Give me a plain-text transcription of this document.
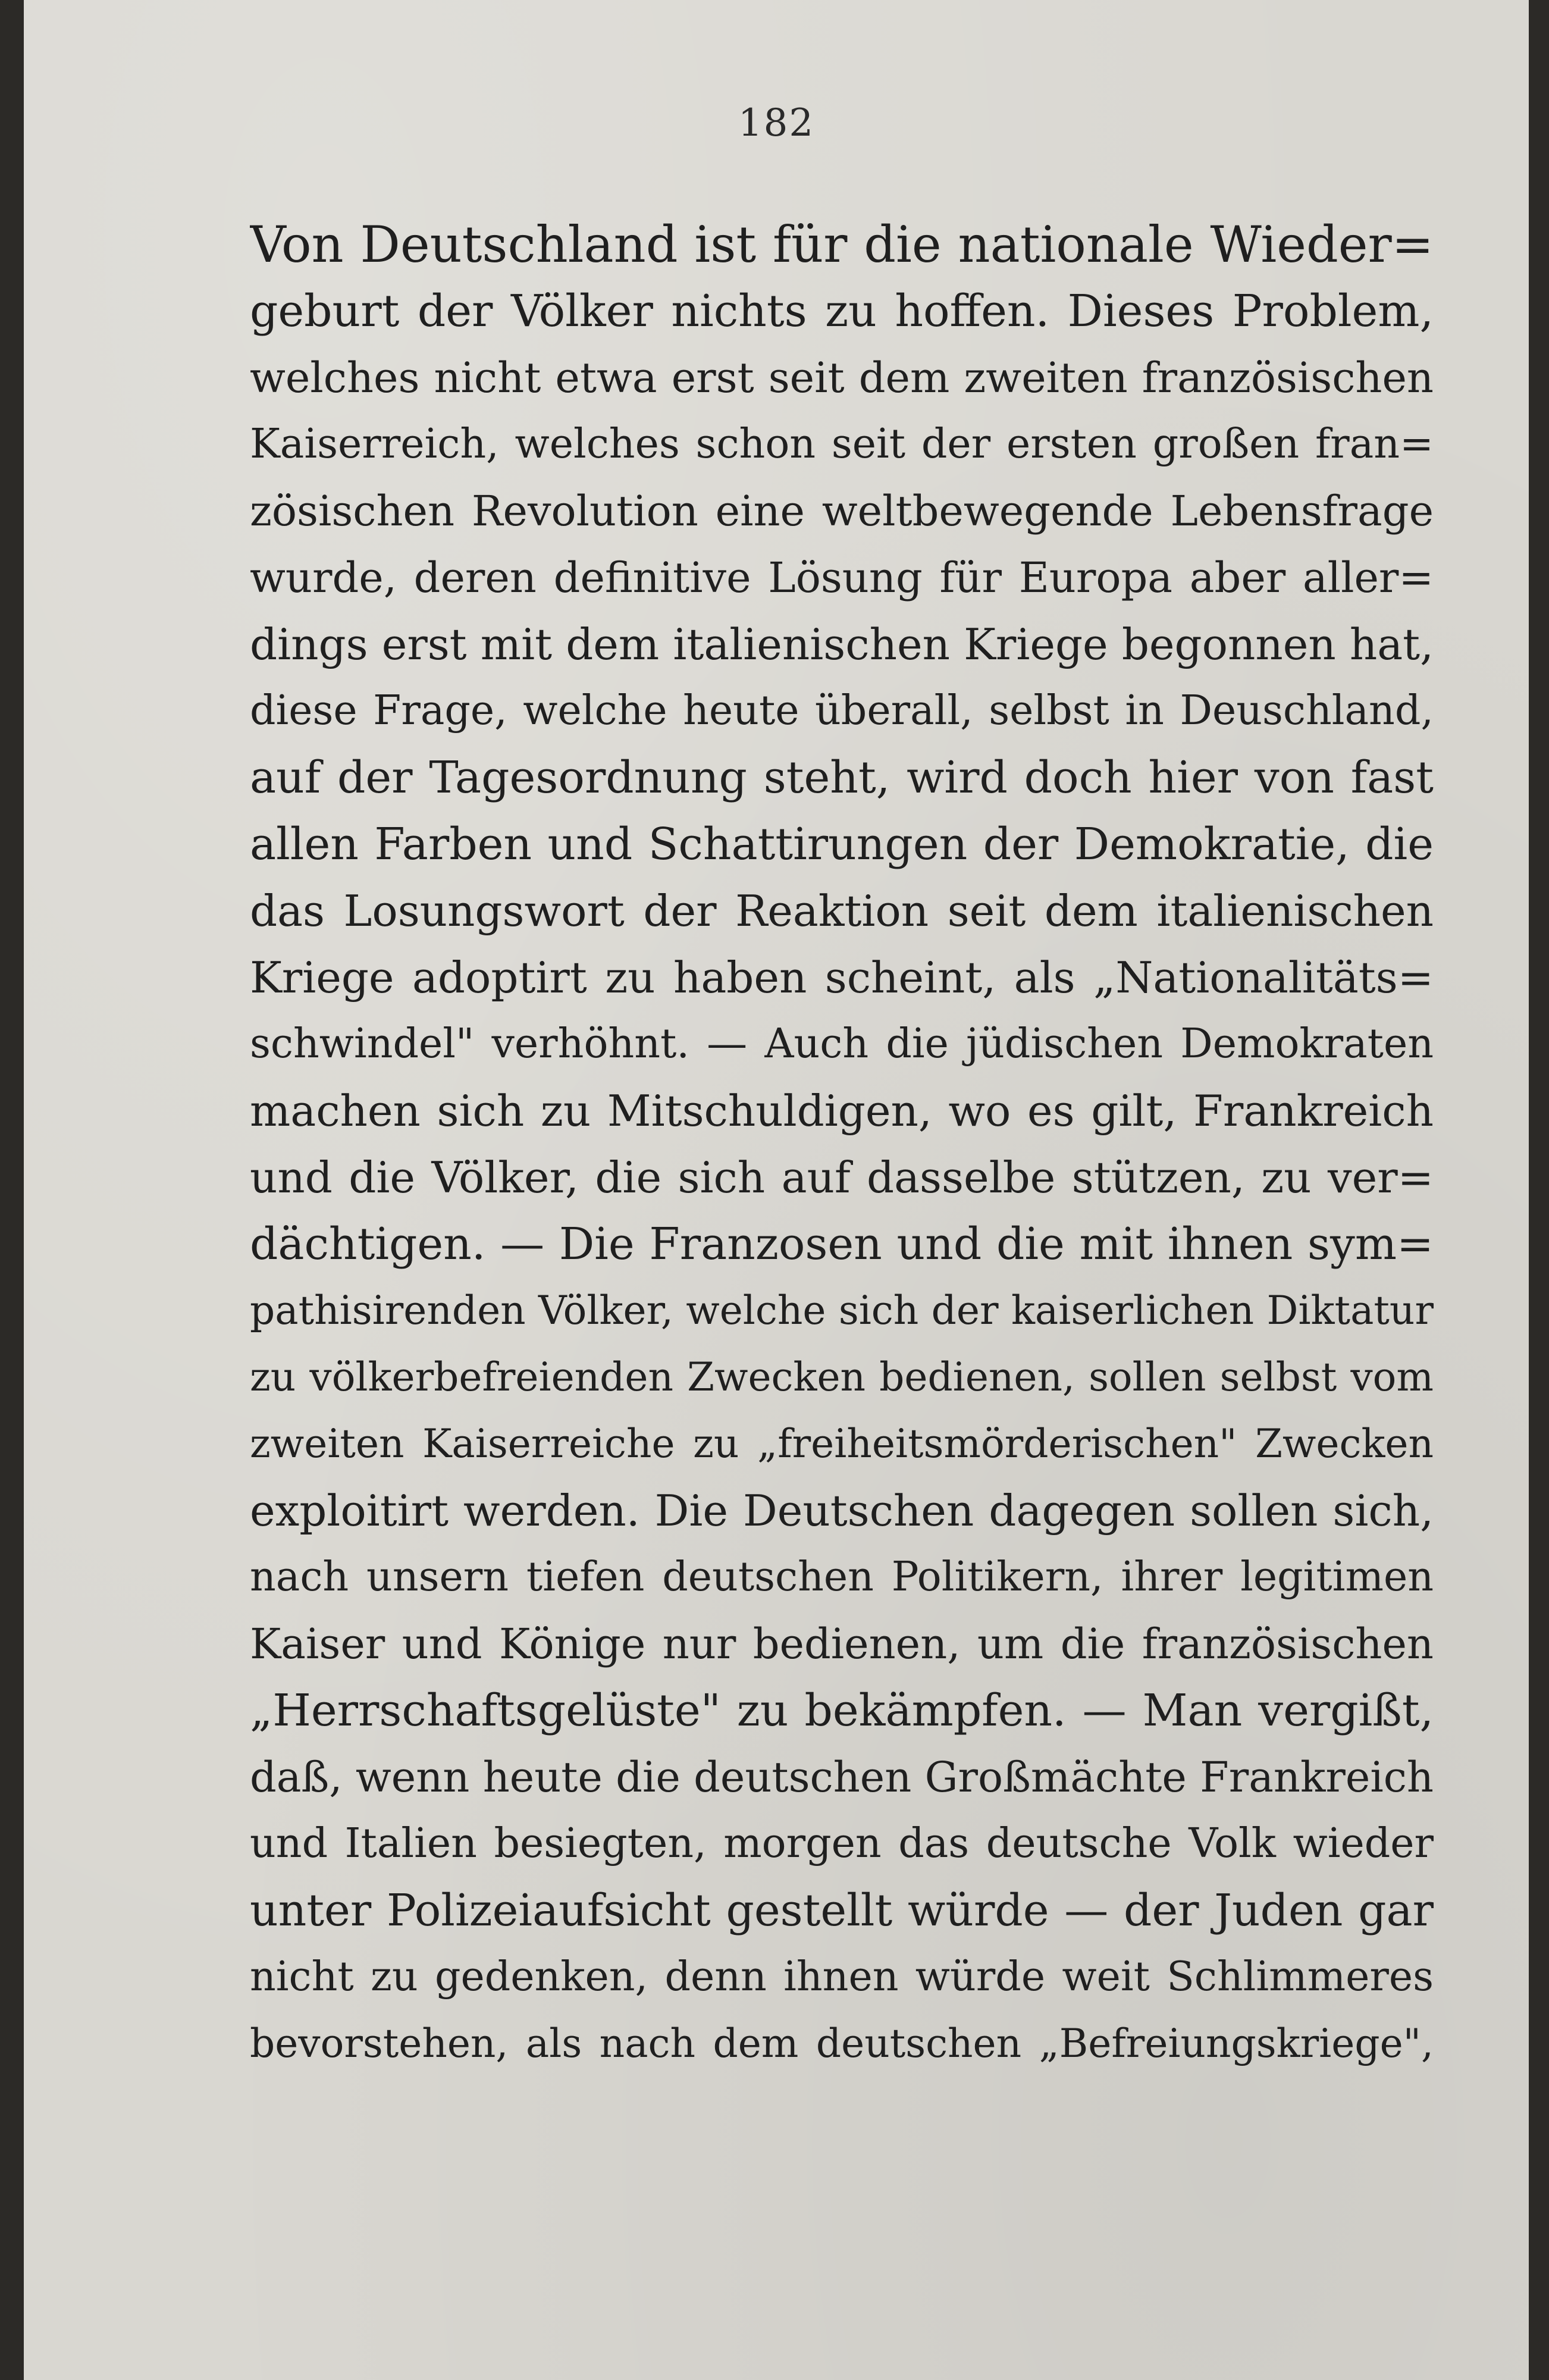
182
Von Deutschland ist für die nationale Wieder=
geburt der Völker nichts zu hoffen. Dieses Problem,
welches nicht etwa erst seit dem zweiten französischen
Kaiserreich, welches schon seit der ersten großen fran=
zösischen Revolution eine weltbewegende Lebensfrage
wurde, deren definitive Lösung für Europa aber aller=
dings erst mit dem italienischen Kriege begonnen hat,
diese Frage, welche heute überall, selbst in Deuschland,
auf der Tagesordnung steht, wird doch hier von fast
allen Farben und Schattirungen der Demokratie, die
das Losungswort der Reaktion seit dem italienischen
Kriege adoptirt zu haben scheint, als „Nationalitäts=
schwindel" verhöhnt. — Auch die jüdischen Demokraten
machen sich zu Mitschuldigen, wo es gilt, Frankreich
und die Völker, die sich auf dasselbe stützen, zu ver=
dächtigen. — Die Franzosen und die mit ihnen sym=
pathisirenden Völker, welche sich der kaiserlichen Diktatur
zu völkerbefreienden Zwecken bedienen, sollen selbst vom
zweiten Kaiserreiche zu „freiheitsmörderischen" Zwecken
exploitirt werden. Die Deutschen dagegen sollen sich,
nach unsern tiefen deutschen Politikern, ihrer legitimen
Kaiser und Könige nur bedienen, um die französischen
„Herrschaftsgelüste" zu bekämpfen. — Man vergißt,
daß, wenn heute die deutschen Großmächte Frankreich
und Italien besiegten, morgen das deutsche Volk wieder
unter Polizeiaufsicht gestellt würde — der Juden gar
nicht zu gedenken, denn ihnen würde weit Schlimmeres
bevorstehen, als nach dem deutschen „Befreiungskriege",
